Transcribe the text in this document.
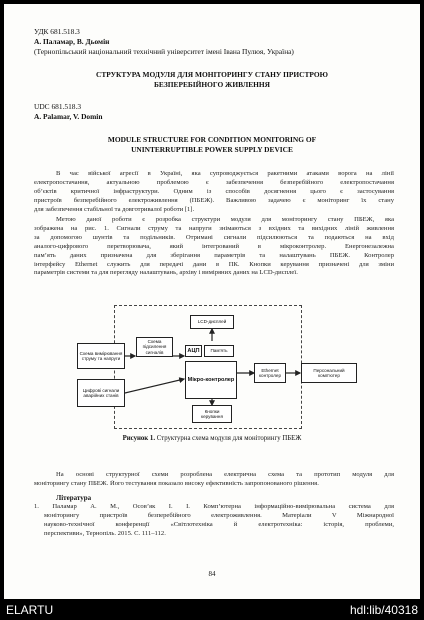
УДК 681.518.3
А. Паламар, В. Дьомін
(Тернопільський національний технічний університет імені Івана Пулюя, Україна)
СТРУКТУРА МОДУЛЯ ДЛЯ МОНІТОРИНГУ СТАНУ ПРИСТРОЮ
БЕЗПЕРЕБІЙНОГО ЖИВЛЕННЯ
UDC 681.518.3
A. Palamar, V. Domin
MODULE STRUCTURE FOR CONDITION MONITORING OF
UNINTERRUPTIBLE POWER SUPPLY DEVICE
В час війської агресії в Україні, яка супроводжується ракетними атаками ворога на лінії
електропостачання, актуальною проблемою є забезпечення безперебійного електропостачання
об’єктів критичної інфраструктури. Одним із способів досягнення цього є застосування
пристроїв безперебійного електроживлення (ПБЕЖ). Важливою задачею є моніторинг їх стану
для забезпечення стабільної та довготривалої роботи [1].
Метою даної роботи є розробка структури модуля для моніторингу стану ПБЕЖ, яка
зображена на рис. 1. Сигнали струму та напруги знімаються з вхідних та вихідних ліній живлення
за допомогою шунтів та подільників. Отримані сигнали підсилюються та подаються на вхід
аналого-цифрового перетворювача, який інтегрований в мікроконтролер. Енергонезалежна
пам’ять даних призначена для зберігання параметрів та налаштувань ПБЕЖ. Контролер
інтерфейсу Ethernet служить для передачі дани в ПК. Кнопки керування призначені для зміни
параметрів системи та для перегляду налаштувань, архіву і виміряних даних на LCD-дисплеї.
LCD-дисплей
Схема вимірювання струму та напруги
Схема підсилення сигналів	АЦП	Пам’ять
Мікро-контролер
Цифрові сигнали аварійних станів
Ethernet контролер
Персональний комп’ютер
Кнопки керування
Рисунок 1. Структурна схема модуля для моніторингу ПБЕЖ
На основі структурної схеми розроблена електрична схема та прототип модуля для
моніторингу стану ПБЕЖ. Його тестування показало високу ефективність запропонованого рішення.
Література
1. Паламар А. М., Осов’як І. І. Комп’ютерна інформаційно-вимірювальна система для
моніторингу пристроїв безперебійного електроживлення. Матеріали V Міжнародної
науково-технічної конференції «Світлотехніка й електротехніка: історія, проблеми,
перспективи», Тернопіль. 2015. С. 111–112.
84
ELARTU	hdl:lib/40318
